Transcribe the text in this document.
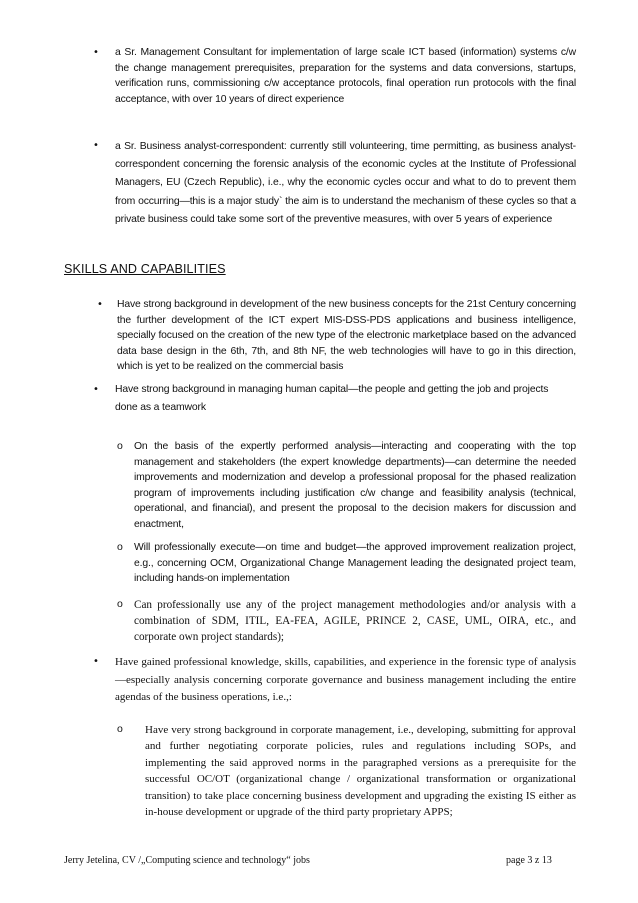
• a Sr. Management Consultant for implementation of large scale ICT based (information) systems c/w the change management prerequisites, preparation for the systems and data conversions, startups, verification runs, commissioning c/w acceptance protocols, final operation run protocols with the final acceptance, with over 10 years of direct experience

• a Sr. Business analyst-correspondent: currently still volunteering, time permitting, as business analyst-correspondent concerning the forensic analysis of the economic cycles at the Institute of Professional Managers, EU (Czech Republic), i.e., why the economic cycles occur and what to do to prevent them from occurring—this is a major study` the aim is to understand the mechanism of these cycles so that a private business could take some sort of the preventive measures, with over 5 years of experience

SKILLS AND CAPABILITIES
• Have strong background in development of the new business concepts for the 21st Century concerning the further development of the ICT expert MIS-DSS-PDS applications and business intelligence, specially focused on the creation of the new type of the electronic marketplace based on the advanced data base design in the 6th, 7th, and 8th NF, the web technologies will have to go in this direction, which is yet to be realized on the commercial basis

• Have strong background in managing human capital—the people and getting the job and projects done as a teamwork

o On the basis of the expertly performed analysis—interacting and cooperating with the top management and stakeholders (the expert knowledge departments)—can determine the needed improvements and modernization and develop a professional proposal for the phased realization program of improvements including justification c/w change and feasibility analysis (technical, operational, and financial), and present the proposal to the decision makers for discussion and enactment,

o Will professionally execute—on time and budget—the approved improvement realization project, e.g., concerning OCM, Organizational Change Management leading the designated project team, including hands-on implementation

o Can professionally use any of the project management methodologies and/or analysis with a combination of SDM, ITIL, EA-FEA, AGILE, PRINCE 2, CASE, UML, OIRA, etc., and corporate own project standards);

• Have gained professional knowledge, skills, capabilities, and experience in the forensic type of analysis—especially analysis concerning corporate governance and business management including the entire agendas of the business operations, i.e.,:

o Have very strong background in corporate management, i.e., developing, submitting for approval and further negotiating corporate policies, rules and regulations including SOPs, and implementing the said approved norms in the paragraphed versions as a prerequisite for the successful OC/OT (organizational change / organizational transformation or organizational transition) to take place concerning business development and upgrading the existing IS either as in-house development or upgrade of the third party proprietary APPS;

Jerry Jetelina, CV /„Computing science and technology“ jobs	page 3 z 13
